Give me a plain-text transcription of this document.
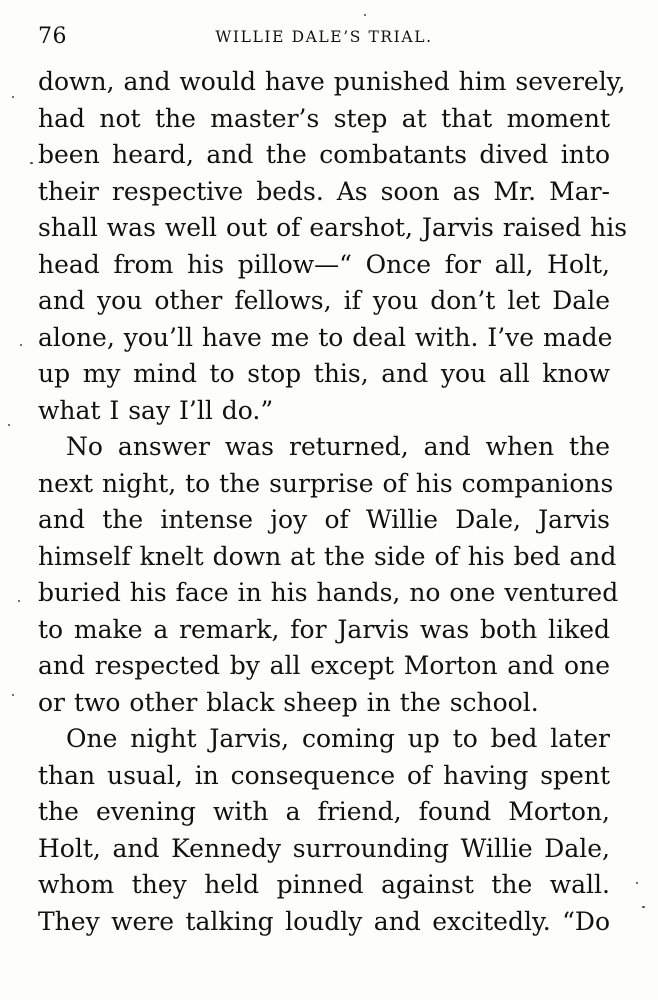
76	WILLIE DALE’S TRIAL.

down, and would have punished him severely,
had not the master’s step at that moment
been heard, and the combatants dived into
their respective beds. As soon as Mr. Mar-
shall was well out of earshot, Jarvis raised his
head from his pillow—“ Once for all, Holt,
and you other fellows, if you don’t let Dale
alone, you’ll have me to deal with. I’ve made
up my mind to stop this, and you all know
what I say I’ll do.”

No answer was returned, and when the
next night, to the surprise of his companions
and the intense joy of Willie Dale, Jarvis
himself knelt down at the side of his bed and
buried his face in his hands, no one ventured
to make a remark, for Jarvis was both liked
and respected by all except Morton and one
or two other black sheep in the school.

One night Jarvis, coming up to bed later
than usual, in consequence of having spent
the evening with a friend, found Morton,
Holt, and Kennedy surrounding Willie Dale,
whom they held pinned against the wall.
They were talking loudly and excitedly. “Do
